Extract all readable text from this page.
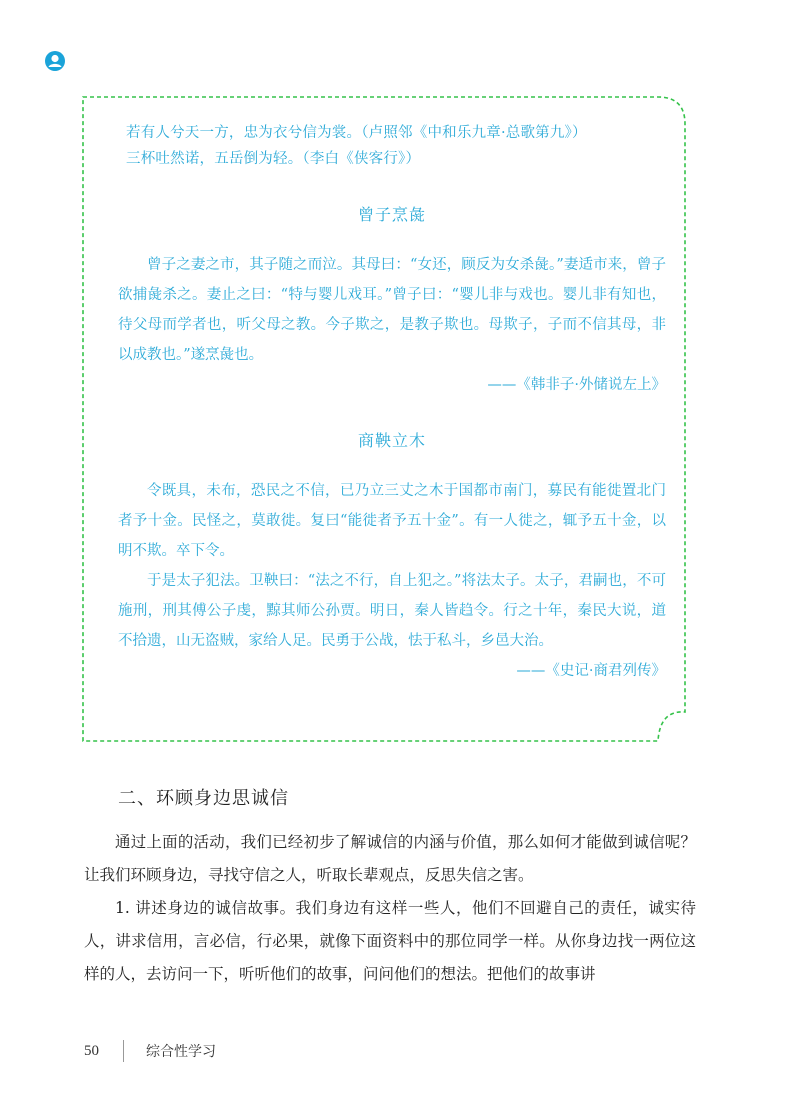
若有人兮天一方，忠为衣兮信为裳。（卢照邻《中和乐九章·总歌第九》）

三杯吐然诺，五岳倒为轻。（李白《侠客行》）

曾子烹彘

曾子之妻之市，其子随之而泣。其母曰：“女还，顾反为女杀彘。”妻适市来，曾子欲捕彘杀之。妻止之曰：“特与婴儿戏耳。”曾子曰：“婴儿非与戏也。婴儿非有知也，待父母而学者也，听父母之教。今子欺之，是教子欺也。母欺子，子而不信其母，非以成教也。”遂烹彘也。

——《韩非子·外储说左上》

商鞅立木

令既具，未布，恐民之不信，已乃立三丈之木于国都市南门，募民有能徙置北门者予十金。民怪之，莫敢徙。复曰“能徙者予五十金”。有一人徙之，辄予五十金，以明不欺。卒下令。

于是太子犯法。卫鞅曰：“法之不行，自上犯之。”将法太子。太子，君嗣也，不可施刑，刑其傅公子虔，黥其师公孙贾。明日，秦人皆趋令。行之十年，秦民大说，道不拾遗，山无盗贼，家给人足。民勇于公战，怯于私斗，乡邑大治。

——《史记·商君列传》

二、环顾身边思诚信

通过上面的活动，我们已经初步了解诚信的内涵与价值，那么如何才能做到诚信呢？让我们环顾身边，寻找守信之人，听取长辈观点，反思失信之害。

1. 讲述身边的诚信故事。我们身边有这样一些人，他们不回避自己的责任，诚实待人，讲求信用，言必信，行必果，就像下面资料中的那位同学一样。从你身边找一两位这样的人，去访问一下，听听他们的故事，问问他们的想法。把他们的故事讲

50	综合性学习
